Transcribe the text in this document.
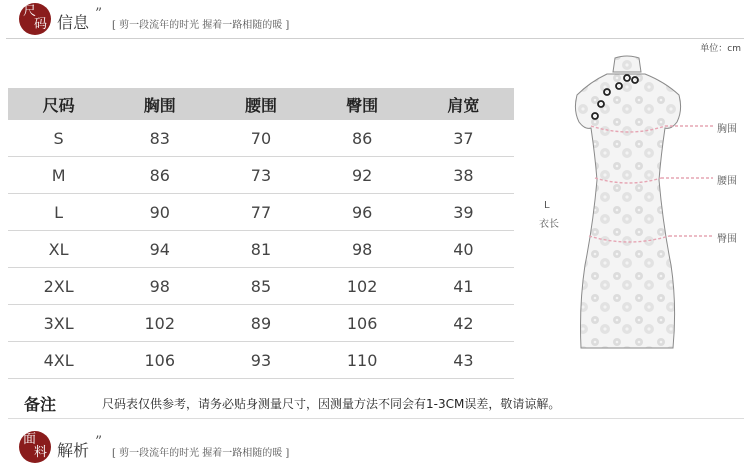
尺
码 信息 ”
[ 剪一段流年的时光 握着一路相随的暖 ]
单位：cm
尺码	胸围	腰围	臀围	肩宽
S	83	70	86	37
M	86	73	92	38
L	90	77	96	39
XL	94	81	98	40
2XL	98	85	102	41
3XL	102	89	106	42
4XL	106	93	110	43
胸围
腰围
臀围
L
衣长
备注	尺码表仅供参考，请务必贴身测量尺寸，因测量方法不同会有1-3CM误差，敬请谅解。
面
料 解析 ”
[ 剪一段流年的时光 握着一路相随的暖 ]
